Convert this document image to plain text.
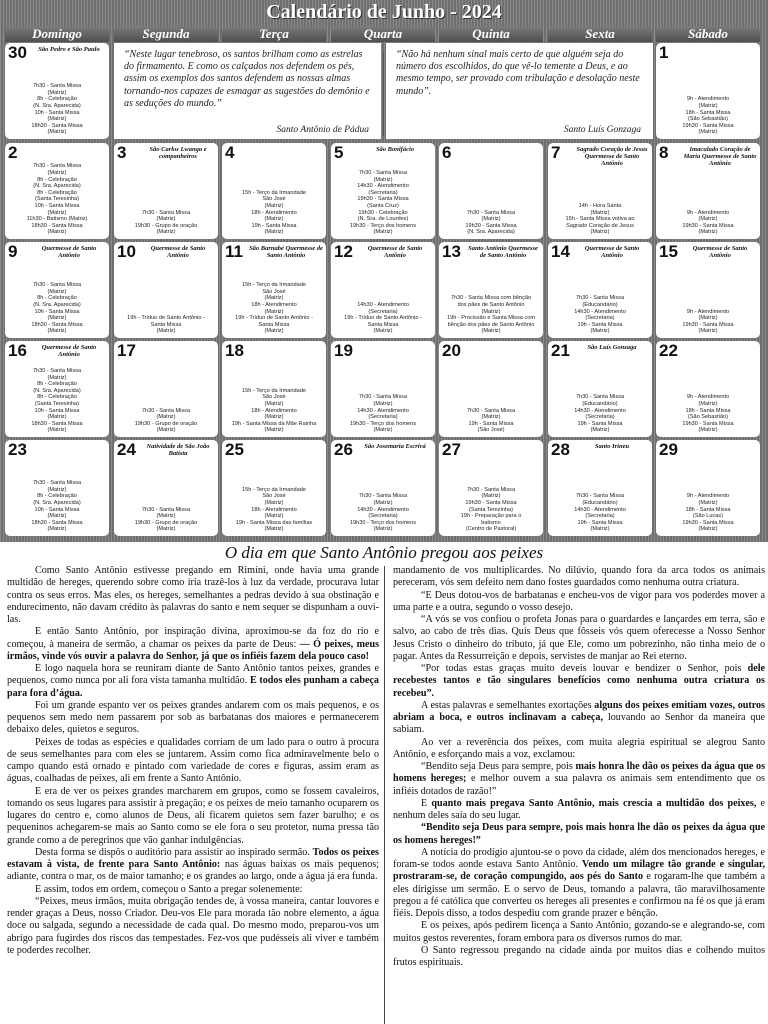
Calendário de Junho - 2024
Domingo	Segunda	Terça	Quarta	Quinta	Sexta	Sábado
“Neste lugar tenebroso, os santos brilham como as estrelas do firmamento. E como os calçados nos defendem os pés, assim os exemplos dos santos defendem as nossas almas tornando-nos capazes de esmagar as sugestões do demônio e as seduções do mundo.”
Santo Antônio de Pádua
“Não há nenhum sinal mais certo de que alguém seja do número dos escolhidos, do que vê-lo temente a Deus, e ao mesmo tempo, ser provado com tribulação e desolação neste mundo”.
Santo Luís Gonzaga
30	São Pedro e São Paulo
7h30 - Santa Missa
(Matriz)
8h - Celebração
(N. Sra. Aparecida)
10h - Santa Missa
(Matriz)
18h30 - Santa Missa
(Matriz)
1
9h - Atendimento
(Matriz)
18h - Santa Missa
(São Sebastião)
19h30 - Santa Missa
(Matriz)
2
7h30 - Santa Missa
(Matriz)
8h - Celebração
(N. Sra. Aparecida)
8h - Celebração
(Santa Teresinha)
10h - Santa Missa
(Matriz)
11h30 - Batismo (Matriz)
18h30 - Santa Missa
(Matriz)
3	São Carlos Lwanga e companheiros
7h30 - Santa Missa
(Matriz)
19h30 - Grupo de oração
(Matriz)
4
15h - Terço da Irmandade
São José
(Matriz)
18h - Atendimento
(Matriz)
19h - Santa Missa
(Matriz)
5	São Bonifácio
7h30 - Santa Missa
(Matriz)
14h30 - Atendimento
(Secretaria)
19h30 - Santa Missa
(Santa Cruz)
19h30 - Celebração
(N. Sra. de Lourdes)
19h30 - Terço dos homens
(Matriz)
6
7h30 - Santa Missa
(Matriz)
19h30 - Santa Missa
(N. Sra. Aparecida)
7	Sagrado Coração de Jesus Quermesse de Santo Antônio
14h - Hora Santa
(Matriz)
15h - Santa Missa votiva ao
Sagrado Coração de Jesus
(Matriz)
8	Imaculado Coração de Maria Quermesse de Santo Antônio
9h - Atendimento
(Matriz)
19h30 - Santa Missa
(Matriz)
9	Quermesse de Santo Antônio
7h30 - Santa Missa
(Matriz)
8h - Celebração
(N. Sra. Aparecida)
10h - Santa Missa
(Matriz)
18h30 - Santa Missa
(Matriz)
10	Quermesse de Santo Antônio
19h - Tríduo de Santo Antônio -
Santa Missa
(Matriz)
11 São Barnabé Quermesse de Santo Antônio
15h - Terço da Irmandade
São José
(Matriz)
18h - Atendimento
(Matriz)
19h - Tríduo de Santo Antônio -
Santa Missa
(Matriz)
12	Quermesse de Santo Antônio
14h30 - Atendimento
(Secretaria)
19h - Tríduo de Santo Antônio -
Santa Missa
(Matriz)
13	Santo Antônio Quermesse de Santo Antônio
7h30 - Santa Missa com bênção
dos pães de Santo Antônio
(Matriz)
19h - Procissão e Santa Missa com
bênção dos pães de Santo Antônio
(Matriz)
14	Quermesse de Santo Antônio
7h30 - Santa Missa
(Educandário)
14h30 - Atendimento
(Secretaria)
19h - Santa Missa
(Matriz)
15	Quermesse de Santo Antônio
9h - Atendimento
(Matriz)
19h30 - Santa Missa
(Matriz)
16	Quermesse de Santo Antônio
7h30 - Santa Missa
(Matriz)
8h - Celebração
(N. Sra. Aparecida)
8h - Celebração
(Santa Teresinha)
10h - Santa Missa
(Matriz)
18h30 - Santa Missa
(Matriz)
17
7h30 - Santa Missa
(Matriz)
19h30 - Grupo de oração
(Matriz)
18
15h - Terço da Irmandade
São José
(Matriz)
18h - Atendimento
(Matriz)
19h - Santa Missa da Mãe Rainha
(Matriz)
19
7h30 - Santa Missa
(Matriz)
14h30 - Atendimento
(Secretaria)
19h30 - Terço dos homens
(Matriz)
20
7h30 - Santa Missa
(Matriz)
19h - Santa Missa
(São José)
21	São Luís Gonzaga
7h30 - Santa Missa
(Educandário)
14h30 - Atendimento
(Secretaria)
19h - Santa Missa
(Matriz)
22
9h - Atendimento
(Matriz)
18h - Santa Missa
(São Sebastião)
19h30 - Santa Missa
(Matriz)
23
7h30 - Santa Missa
(Matriz)
8h - Celebração
(N. Sra. Aparecida)
10h - Santa Missa
(Matriz)
18h30 - Santa Missa
(Matriz)
24	Natividade de São João Batista
7h30 - Santa Missa
(Matriz)
19h30 - Grupo de oração
(Matriz)
25
15h - Terço da Irmandade
São José
(Matriz)
18h - Atendimento
(Matriz)
19h - Santa Missa das famílias
(Matriz)
26	São Josemaria Escrivá
7h30 - Santa Missa
(Matriz)
14h30 - Atendimento
(Secretaria)
19h30 - Terço dos homens
(Matriz)
27
7h30 - Santa Missa
(Matriz)
19h30 - Santa Missa
(Santa Terezinha)
19h - Preparação para o
batismo
(Centro de Pastoral)
28	Santo Irineu
7h30 - Santa Missa
(Educandário)
14h30 - Atendimento
(Secretaria)
19h - Santa Missa
(Matriz)
29
9h - Atendimento
(Matriz)
18h - Santa Missa
(São Lucas)
19h30 - Santa Missa
(Matriz)
O dia em que Santo Antônio pregou aos peixes

Como Santo Antônio estivesse pregando em Rimini, onde havia uma grande multidão de hereges, querendo sobre como iria trazê-los à luz da verdade, procurava lutar contra os seus erros. Mas eles, os hereges, semelhantes a pedras devido à sua obstinação e endurecimento, não davam crédito às palavras do santo e nem sequer se dispunham a ouvi-las.

E então Santo Antônio, por inspiração divina, aproximou-se da foz do rio e começou, à maneira de sermão, a chamar os peixes da parte de Deus: — Ó peixes, meus irmãos, vinde vós ouvir a palavra do Senhor, já que os infiéis fazem dela pouco caso!

E logo naquela hora se reuniram diante de Santo Antônio tantos peixes, grandes e pequenos, como nunca por ali fora vista tamanha multidão. E todos eles punham a cabeça para fora d’água.

Foi um grande espanto ver os peixes grandes andarem com os mais pequenos, e os pequenos sem medo nem passarem por sob as barbatanas dos maiores e permanecerem debaixo deles, quietos e seguros.

Peixes de todas as espécies e qualidades corriam de um lado para o outro à procura de seus semelhantes para com eles se juntarem. Assim como fica admiravelmente belo o campo quando está ornado e pintado com variedade de cores e figuras, assim eram as águas, coalhadas de peixes, ali em frente a Santo Antônio.

E era de ver os peixes grandes marcharem em grupos, como se fossem cavaleiros, tomando os seus lugares para assistir à pregação; e os peixes de meio tamanho ocuparem os lugares do centro e, como alunos de Deus, ali ficarem quietos sem fazer barulho; e os pequeninos achegarem-se mais ao Santo como se ele fora o seu protetor, numa pressa tão grande como a de peregrinos que vão ganhar indulgências.

Desta forma se dispôs o auditório para assistir ao inspirado sermão. Todos os peixes estavam à vista, de frente para Santo Antônio: nas águas baixas os mais pequenos; adiante, contra o mar, os de maior tamanho; e os grandes ao largo, onde a água já era funda.

E assim, todos em ordem, começou o Santo a pregar solenemente:

“Peixes, meus irmãos, muita obrigação tendes de, à vossa maneira, cantar louvores e render graças a Deus, nosso Criador. Deu-vos Ele para morada tão nobre elemento, a água doce ou salgada, segundo a necessidade de cada qual. Do mesmo modo, preparou-vos um abrigo para fugirdes dos riscos das tempestades. Fez-vos que pudésseis ali viver e também te poderdes recolher.

mandamento de vos multiplicardes. No dilúvio, quando fora da arca todos os animais pereceram, vós sem defeito nem dano fostes guardados como nenhuma outra criatura.

“E Deus dotou-vos de barbatanas e encheu-vos de vigor para vos poderdes mover a uma parte e a outra, segundo o vosso desejo.

“A vós se vos confiou o profeta Jonas para o guardardes e lançardes em terra, são e salvo, ao cabo de três dias. Quis Deus que fôsseis vós quem oferecesse a Nosso Senhor Jesus Cristo o dinheiro do tributo, já que Ele, como um pobrezinho, não tinha meio de o pagar. Antes da Ressurreição e depois, servistes de manjar ao Rei eterno.

“Por todas estas graças muito deveis louvar e bendizer o Senhor, pois dele recebestes tantos e tão singulares benefícios como nenhuma outra criatura os recebeu”.

A estas palavras e semelhantes exortações alguns dos peixes emitiam vozes, outros abriam a boca, e outros inclinavam a cabeça, louvando ao Senhor da maneira que sabiam.

Ao ver a reverência dos peixes, com muita alegria espiritual se alegrou Santo Antônio, e esforçando mais a voz, exclamou:

“Bendito seja Deus para sempre, pois mais honra lhe dão os peixes da água que os homens hereges; e melhor ouvem a sua palavra os animais sem entendimento que os infiéis dotados de razão!”

E quanto mais pregava Santo Antônio, mais crescia a multidão dos peixes, e nenhum deles saía do seu lugar.

“Bendito seja Deus para sempre, pois mais honra lhe dão os peixes da água que os homens hereges!”

A notícia do prodígio ajuntou-se o povo da cidade, além dos mencionados hereges, e foram-se todos aonde estava Santo Antônio. Vendo um milagre tão grande e singular, prostraram-se, de coração compungido, aos pés do Santo e rogaram-lhe que também a eles dirigisse um sermão. E o servo de Deus, tomando a palavra, tão maravilhosamente pregou a fé católica que converteu os hereges ali presentes e confirmou na fé os que já eram fiéis. Depois disso, a todos despediu com grande prazer e bênção.

E os peixes, após pedirem licença a Santo Antônio, gozando-se e alegrando-se, com muitos gestos reverentes, foram embora para os diversos rumos do mar.

O Santo regressou pregando na cidade ainda por muitos dias e colhendo muitos frutos espirituais.
